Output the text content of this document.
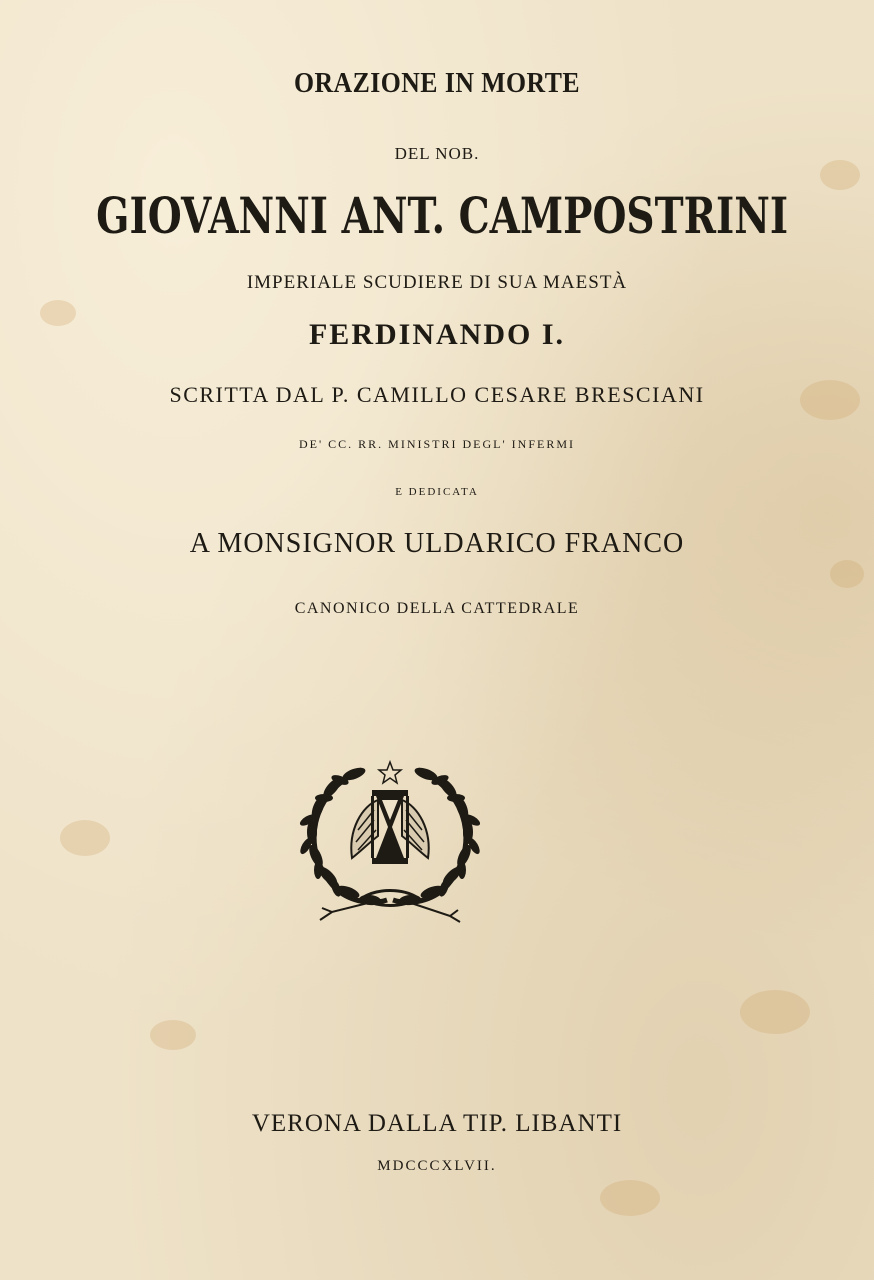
ORAZIONE IN MORTE
DEL NOB.
GIOVANNI ANT. CAMPOSTRINI
IMPERIALE SCUDIERE DI SUA MAESTÀ
FERDINANDO I.
SCRITTA DAL P. CAMILLO CESARE BRESCIANI
DE' CC. RR. MINISTRI DEGL' INFERMI
E DEDICATA
A MONSIGNOR ULDARICO FRANCO
CANONICO DELLA CATTEDRALE
VERONA DALLA TIP. LIBANTI
MDCCCXLVII.
